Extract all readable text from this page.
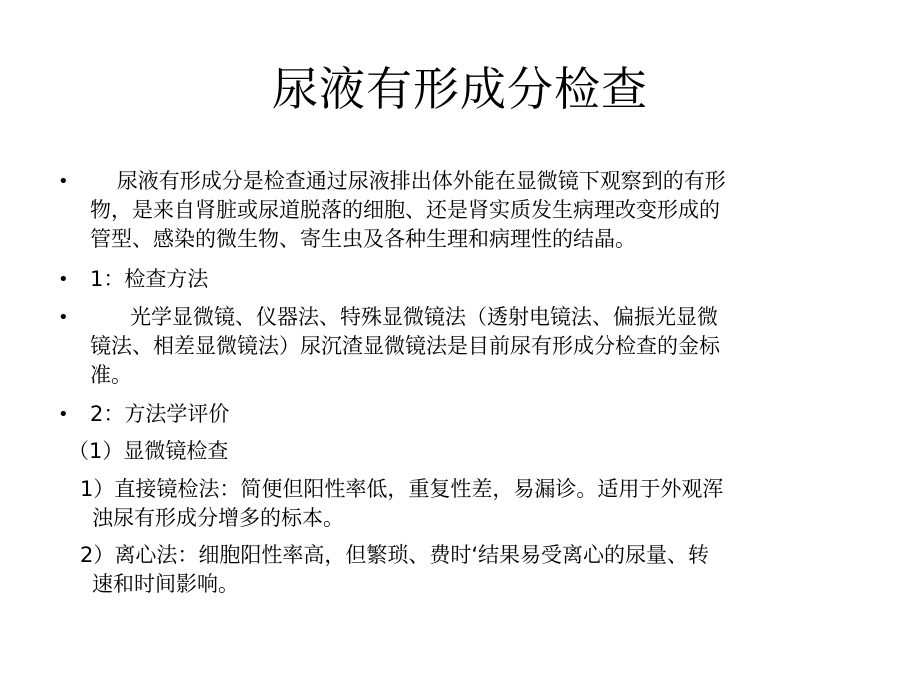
尿液有形成分检查
• 尿液有形成分是检查通过尿液排出体外能在显微镜下观察到的有形
物，是来自肾脏或尿道脱落的细胞、还是肾实质发生病理改变形成的
管型、感染的微生物、寄生虫及各种生理和病理性的结晶。
• 1：检查方法
• 光学显微镜、仪器法、特殊显微镜法（透射电镜法、偏振光显微
镜法、相差显微镜法）尿沉渣显微镜法是目前尿有形成分检查的金标
准。
• 2：方法学评价
（1）显微镜检查
1）直接镜检法：简便但阳性率低，重复性差，易漏诊。适用于外观浑
浊尿有形成分增多的标本。
2）离心法：细胞阳性率高，但繁琐、费时‘结果易受离心的尿量、转
速和时间影响。
